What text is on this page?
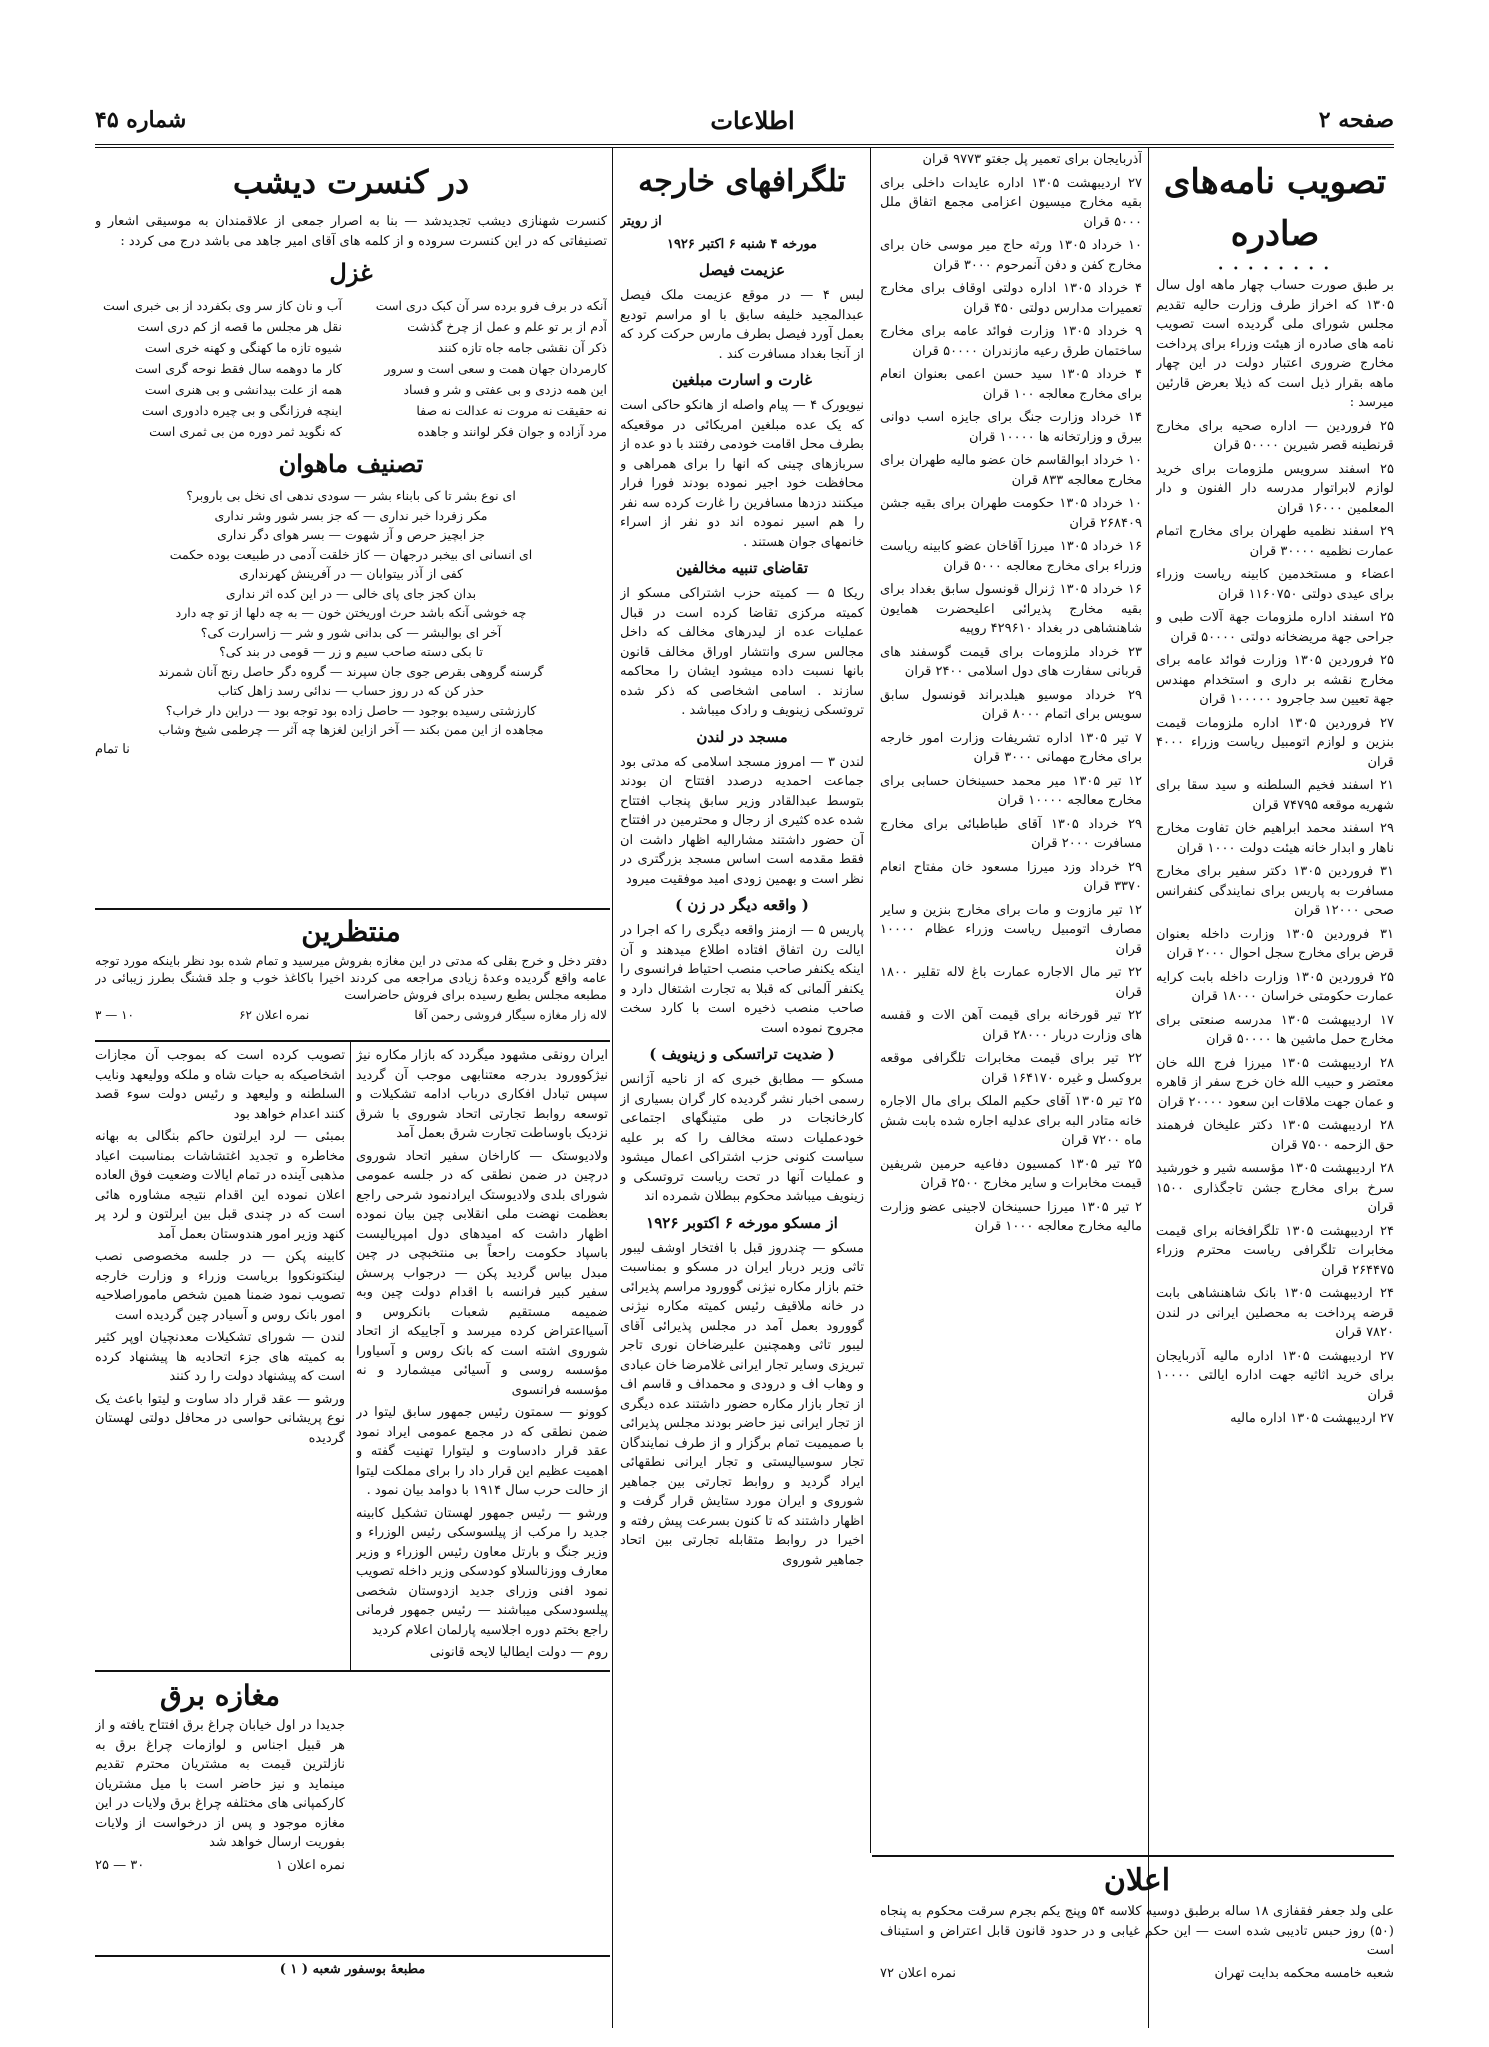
صفحه ۲
اطلاعات
شماره ۴۵
تصویب نامه‌های صادره
• • • • • • • •

بر طبق صورت حساب چهار ماهه اول سال ۱۳۰۵ که اخراز طرف وزارت حالیه تقدیم مجلس شورای ملی گردیده است تصویب نامه های صادره از هیئت وزراء برای پرداخت مخارج ضروری اعتبار دولت در این چهار ماهه بقرار ذیل است که ذیلا بعرض قارئین میرسد :

۲۵ فروردین — اداره صحیه برای مخارج قرنطینه قصر شیرین ۵۰۰۰۰ قران

۲۵ اسفند سرویس ملزومات برای خرید لوازم لابراتوار مدرسه دار الفنون و دار المعلمین ۱۶۰۰۰ قران

۲۹ اسفند نظمیه طهران برای مخارج اتمام عمارت نظمیه ۳۰۰۰۰ قران

اعضاء و مستخدمین کابینه ریاست وزراء برای عیدی دولتی ۱۱۶۰۷۵۰ قران

۲۵ اسفند اداره ملزومات جهة آلات طبی و جراحی جهة مریضخانه دولتی ۵۰۰۰۰ قران

۲۵ فروردین ۱۳۰۵ وزارت فوائد عامه برای مخارج نقشه بر داری و استخدام مهندس جهة تعیین سد جاجرود ۱۰۰۰۰۰ قران

۲۷ فروردین ۱۳۰۵ اداره ملزومات قیمت بنزین و لوازم اتومبیل ریاست وزراء ۴۰۰۰ قران

۲۱ اسفند فخیم السلطنه و سید سقا برای شهریه موقعه ۷۴۷۹۵ قران

۲۹ اسفند محمد ابراهیم خان تفاوت مخارج ناهار و ابدار خانه هیئت دولت ۱۰۰۰ قران

۳۱ فروردین ۱۳۰۵ دکتر سفیر برای مخارج مسافرت به پاریس برای نمایندگی کنفرانس صحی ۱۲۰۰۰ قران

۳۱ فروردین ۱۳۰۵ وزارت داخله بعنوان قرض برای مخارج سجل احوال ۲۰۰۰ قران

۲۵ فروردین ۱۳۰۵ وزارت داخله بابت کرایه عمارت حکومتی خراسان ۱۸۰۰۰ قران

۱۷ اردیبهشت ۱۳۰۵ مدرسه صنعتی برای مخارج حمل ماشین ها ۵۰۰۰۰ قران

۲۸ اردیبهشت ۱۳۰۵ میرزا فرج الله خان معتضر و حبیب الله خان خرج سفر از قاهره و عمان جهت ملاقات ابن سعود ۲۰۰۰۰ قران

۲۸ اردیبهشت ۱۳۰۵ دکتر علیخان فرهمند حق الزحمه ۷۵۰۰ قران

۲۸ اردیبهشت ۱۳۰۵ مؤسسه شیر و خورشید سرخ برای مخارج جشن تاجگذاری ۱۵۰۰ قران

۲۴ اردیبهشت ۱۳۰۵ تلگرافخانه برای قیمت مخابرات تلگرافی ریاست محترم وزراء ۲۶۴۴۷۵ قران

۲۴ اردیبهشت ۱۳۰۵ بانک شاهنشاهی بابت قرضه پرداخت به محصلین ایرانی در لندن ۷۸۲۰ قران

۲۷ اردیبهشت ۱۳۰۵ اداره مالیه آذربایجان برای خرید اثاثیه جهت اداره ایالتی ۱۰۰۰۰ قران

۲۷ اردیبهشت ۱۳۰۵ اداره مالیه

آذربایجان برای تعمیر پل جغتو ۹۷۷۳ قران

۲۷ اردیبهشت ۱۳۰۵ اداره عایدات داخلی برای بقیه مخارج میسیون اعزامی مجمع اتفاق ملل ۵۰۰۰ قران

۱۰ خرداد ۱۳۰۵ ورثه حاج میر موسی خان برای مخارج کفن و دفن آنمرحوم ۳۰۰۰ قران

۴ خرداد ۱۳۰۵ اداره دولتی اوقاف برای مخارج تعمیرات مدارس دولتی ۴۵۰ قران

۹ خرداد ۱۳۰۵ وزارت فوائد عامه برای مخارج ساختمان طرق رعیه مازندران ۵۰۰۰۰ قران

۴ خرداد ۱۳۰۵ سید حسن اعمی بعنوان انعام برای مخارج معالجه ۱۰۰ قران

۱۴ خرداد وزارت جنگ برای جایزه اسب دوانی بیرق و وزارتخانه ها ۱۰۰۰۰ قران

۱۰ خرداد ابوالقاسم خان عضو مالیه طهران برای مخارج معالجه ۸۳۳ قران

۱۰ خرداد ۱۳۰۵ حکومت طهران برای بقیه جشن ۲۶۸۴۰۹ قران

۱۶ خرداد ۱۳۰۵ میرزا آقاخان عضو کابینه ریاست وزراء برای مخارج معالجه ۵۰۰۰ قران

۱۶ خرداد ۱۳۰۵ ژنرال قونسول سابق بغداد برای بقیه مخارج پذیرائی اعلیحضرت همایون شاهنشاهی در بغداد ۴۲۹۶۱۰ روپیه

۲۳ خرداد ملزومات برای قیمت گوسفند های قربانی سفارت های دول اسلامی ۲۴۰۰ قران

۲۹ خرداد موسیو هیلدبراند قونسول سابق سویس برای اتمام ۸۰۰۰ قران

۷ تیر ۱۳۰۵ اداره تشریفات وزارت امور خارجه برای مخارج مهمانی ۳۰۰۰ قران

۱۲ تیر ۱۳۰۵ میر محمد حسینخان حسابی برای مخارج معالجه ۱۰۰۰۰ قران

۲۹ خرداد ۱۳۰۵ آقای طباطبائی برای مخارج مسافرت ۲۰۰۰ قران

۲۹ خرداد وزد میرزا مسعود خان مفتاح انعام ۳۳۷۰ قران

۱۲ تیر مازوت و مات برای مخارج بنزین و سایر مصارف اتومبیل ریاست وزراء عظام ۱۰۰۰۰ قران

۲۲ تیر مال الاجاره عمارت باغ لاله تقلیر ۱۸۰۰ قران

۲۲ تیر قورخانه برای قیمت آهن الات و قفسه های وزارت دربار ۲۸۰۰۰ قران

۲۲ تیر برای قیمت مخابرات تلگرافی موقعه بروکسل و غیره ۱۶۴۱۷۰ قران

۲۵ تیر ۱۳۰۵ آقای حکیم الملک برای مال الاجاره خانه متادر البه برای عدلیه اجاره شده بابت شش ماه ۷۲۰۰ قران

۲۵ تیر ۱۳۰۵ کمسیون دفاعیه حرمین شریفین قیمت مخابرات و سایر مخارج ۲۵۰۰ قران

۲ تیر ۱۳۰۵ میرزا حسینخان لاجینی عضو وزارت مالیه مخارج معالجه ۱۰۰۰ قران

تلگرافهای خارجه

از رویتر

مورخه ۴ شنبه ۶ اکتبر ۱۹۲۶

عزیمت فیصل

لبس ۴ — در موقع عزیمت ملک فیصل عبدالمجید خلیفه سابق با او مراسم تودیع بعمل آورد فیصل بطرف مارس حرکت کرد که از آنجا بغداد مسافرت کند .

غارت و اسارت مبلغین

نیویورک ۴ — پیام واصله از هانکو حاکی است که یک عده مبلغین امریکائی در موقعیکه بطرف محل اقامت خودمی رفتند با دو عده از سربازهای چینی که انها را برای همراهی و محافظت خود اجیر نموده بودند فورا فرار میکنند دزدها مسافرین را غارت کرده سه نفر را هم اسیر نموده اند دو نفر از اسراء خانمهای جوان هستند .

تقاضای تنبیه مخالفین

ریکا ۵ — کمیته حزب اشتراکی مسکو از کمیته مرکزی تقاضا کرده است در قبال عملیات عده از لیدرهای مخالف که داخل مجالس سری وانتشار اوراق مخالف قانون بانها نسبت داده میشود ایشان را محاکمه سازند . اسامی اشخاصی که ذکر شده تروتسکی زینویف و رادک میباشد .

مسجد در لندن

لندن ۳ — امروز مسجد اسلامی که مدتی بود جماعت احمدیه درصدد افتتاح ان بودند بتوسط عبدالقادر وزیر سابق پنجاب افتتاح شده عده کثیری از رجال و محترمین در افتتاح آن حضور داشتند مشارالیه اظهار داشت ان فقط مقدمه است اساس مسجد بزرگتری در نظر است و بهمین زودی امید موفقیت میرود

( واقعه دیگر در زن )

پاریس ۵ — ازمنز واقعه دیگری را که اجرا در ایالت رن اتفاق افتاده اطلاع میدهند و آن اینکه یکنفر صاحب منصب احتیاط فرانسوی را یکنفر آلمانی که قبلا به تجارت اشتغال دارد و صاحب منصب ذخیره است با کارد سخت مجروح نموده است

( ضدیت تراتسکی و زینویف )

مسکو — مطابق خبری که از ناحیه آژانس رسمی اخبار نشر گردیده کار گران بسیاری از کارخانجات در طی متینگهای اجتماعی خودعملیات دسته مخالف را که بر علیه سیاست کنونی حزب اشتراکی اعمال میشود و عملیات آنها در تحت ریاست تروتسکی و زینویف میباشد محکوم ببطلان شمرده اند

از مسکو مورخه ۶ اکتوبر ۱۹۲۶

مسکو — چندروز قبل با افتخار اوشف لیبور تاثی وزیر دربار ایران در مسکو و بمناسبت ختم بازار مکاره نیژنی گوورود مراسم پذیرائی در خانه ملاقیف رئیس کمیته مکاره نیژنی گوورود بعمل آمد در مجلس پذیرائی آقای لیبور تاثی وهمچنین علیرضاخان نوری تاجر تبریزی وسایر تجار ایرانی غلامرضا خان عبادی و وهاب اف و درودی و محمداف و قاسم اف از تجار بازار مکاره حضور داشتند عده دیگری از تجار ایرانی نیز حاضر بودند مجلس پذیرائی با صمیمیت تمام برگزار و از طرف نمایندگان تجار سوسیالیستی و تجار ایرانی نطقهائی ایراد گردید و روابط تجارتی بین جماهیر شوروی و ایران مورد ستایش قرار گرفت و اظهار داشتند که تا کنون بسرعت پیش رفته و اخیرا در روابط متقابله تجارتی بین اتحاد جماهیر شوروی

در کنسرت دیشب

کنسرت شهنازی دیشب تجدیدشد — بنا به اصرار جمعی از علاقمندان به موسیقی اشعار و تصنیفاتی که در این کنسرت سروده و از کلمه های آقای امیر جاهد می باشد درج می کردد :

غزل
آنکه در برف فرو برده سر آن کبک دری است
آب و نان کاز سر وی بکفردد از بی خبری است
آدم از بر تو علم و عمل از چرخ گذشت
نقل هر مجلس ما قصه از کم دری است
ذکر آن نقشی جامه جاه تازه کنند
شیوه تازه ما کهنگی و کهنه خری است
کارمردان جهان همت و سعی است و سرور
کار ما دوهمه سال فقط نوحه گری است
این همه دزدی و بی عفتی و شر و فساد
همه از علت بیدانشی و بی هنری است
نه حقیقت نه مروت نه عدالت نه صفا
اینچه فرزانگی و بی چیره دادوری است
مرد آزاده و جوان فکر لوانند و جاهده
که نگوید ثمر دوره من بی ثمری است
تصنیف ماهوان
ای نوع بشر تا کی بابناء بشر — سودی ندهی ای نخل بی باروبر؟
مکر زفردا خبر نداری — که جز بسر شور وشر نداری
جز ابچیز حرص و آز شهوت — بسر هوای دگر نداری
ای انسانی ای بیخبر درجهان — کاز خلقت آدمی در طبیعت بوده حکمت
کفی از آذر بیتوابان — در آفرینش کهرنداری
بدان کجز جای پای خالی — در این کده اثر نداری
چه خوشی آنکه باشد حرث اوریختن خون — به چه دلها از تو چه دارد
آخر ای بوالبشر — کی بدانی شور و شر — زاسرارت کی؟
تا بکی دسته صاحب سیم و زر — قومی در بند کی؟
گرسنه گروهی بقرص جوی جان سپرند — گروه دگر حاصل رنج آنان شمرند
حذر کن که در روز حساب — ندائی رسد زاهل کتاب
کارزشتی رسیده بوجود — حاصل زاده بود توجه بود — دراین دار خراب؟
مجاهده از این ممن بکند — آخر ازاین لغزها چه آثر — چرطمی شیخ وشاب

نا تمام

منتظرین

دفتر دخل و خرج بقلی که مدتی در این مغازه بفروش میرسید و تمام شده بود نظر باینکه مورد توجه عامه واقع گردیده وعدۀ زیادی مراجعه می کردند اخیرا باکاغذ خوب و جلد قشنگ بطرز زیبائی در مطبعه مجلس بطبع رسیده برای فروش حاضراست

لاله زار مغازه سیگار فروشی رحمن آقا
نمره اعلان ۶۲
۱۰ — ۳

ایران رونقی مشهود میگردد که بازار مکاره نیژ نیژکوورود بدرجه معتنابهی موجب آن گردید سپس تبادل افکاری درباب ادامه تشکیلات و توسعه روابط تجارتی اتحاد شوروی با شرق نزدیک باوساطت تجارت شرق بعمل آمد

ولادیوستک — کاراخان سفیر اتحاد شوروی درچین در ضمن نطقی که در جلسه عمومی شورای بلدی ولادیوستک ایرادنمود شرحی راجع بعظمت نهضت ملی انقلابی چین بیان نموده اظهار داشت که امیدهای دول امپریالیست باسپاد حکومت راحعاً بی منتخبچی در چین مبدل بیاس گردید پکن — درجواب پرسش سفیر کبیر فرانسه با اقدام دولت چین وبه ضمیمه مستقیم شعبات بانکروس و آسیااعتراض کرده میرسد و آجاییکه از اتحاد شوروی اشته است که بانک روس و آسیاورا مؤسسه روسی و آسیائی میشمارد و نه مؤسسه فرانسوی

کوونو — سمتون رئیس جمهور سابق لیتوا در ضمن نطقی که در مجمع عمومی ایراد نمود عقد قرار دادساوت و لیتوارا تهنیت گفته و اهمیت عظیم این قرار داد را برای مملکت لیتوا از حالت حرب سال ۱۹۱۴ با دوامد بیان نمود .

ورشو — رئیس جمهور لهستان تشکیل کابینه جدید را مرکب از پیلسوسکی رئیس الوزراء و وزیر جنگ و بارتل معاون رئیس الوزراء و وزیر معارف ووزنالسلاو کودسکی وزیر داخله تصویب نمود افنی وزرای جدید ازدوستان شخصی پیلسودسکی میباشند — رئیس جمهور فرمانی راجع بختم دوره اجلاسیه پارلمان اعلام کردید

روم — دولت ایطالیا لایحه قانونی

تصویب کرده است که بموجب آن مجازات اشخاصیکه به حیات شاه و ملکه وولیعهد ونایب السلطنه و ولیعهد و رئیس دولت سوء قصد کنند اعدام خواهد بود

بمبئی — لرد ایرلتون حاکم بنگالی به بهانه مخاطره و تجدید اغتشاشات بمناسبت اعیاد مذهبی آینده در تمام ایالات وضعیت فوق العاده اعلان نموده این اقدام نتیجه مشاوره هائی است که در چندی قبل بین ایرلتون و لرد پر کنهد وزیر امور هندوستان بعمل آمد

کابینه پکن — در جلسه مخصوصی نصب لینکتونکووا بریاست وزراء و وزارت خارجه تصویب نمود ضمنا همین شخص ماموراصلاحیه امور بانک روس و آسیادر چین گردیده است

لندن — شورای تشکیلات معدنچیان اوپر کثیر به کمیته های جزء اتحادیه ها پیشنهاد کرده است که پیشنهاد دولت را رد کنند

ورشو — عقد قرار داد ساوت و لیتوا باعث یک نوع پریشانی حواسی در محافل دولتی لهستان گردیده

مغازه برق

جدیدا در اول خیابان چراغ برق افتتاح یافته و از هر قبیل اجناس و لوازمات چراغ برق به نازلترین قیمت به مشتریان محترم تقدیم مینماید و نیز حاضر است با میل مشتریان کارکمپانی های مختلفه چراغ برق ولایات در این مغازه موجود و پس از درخواست از ولایات بفوریت ارسال خواهد شد

نمره اعلان ۱
۳۰ — ۲۵	اعلان

علی ولد جعفر فقفازی ۱۸ ساله برطبق دوسیه کلاسه ۵۴ وپنج یکم بجرم سرقت محکوم به پنجاه (۵۰) روز حبس تادیبی شده است — این حکم غیابی و در حدود قانون قابل اعتراض و استیناف است

شعبه خامسه محکمه بدایت تهران
نمره اعلان ۷۲
مطبعۀ بوسفور شعبه ( ۱ )
